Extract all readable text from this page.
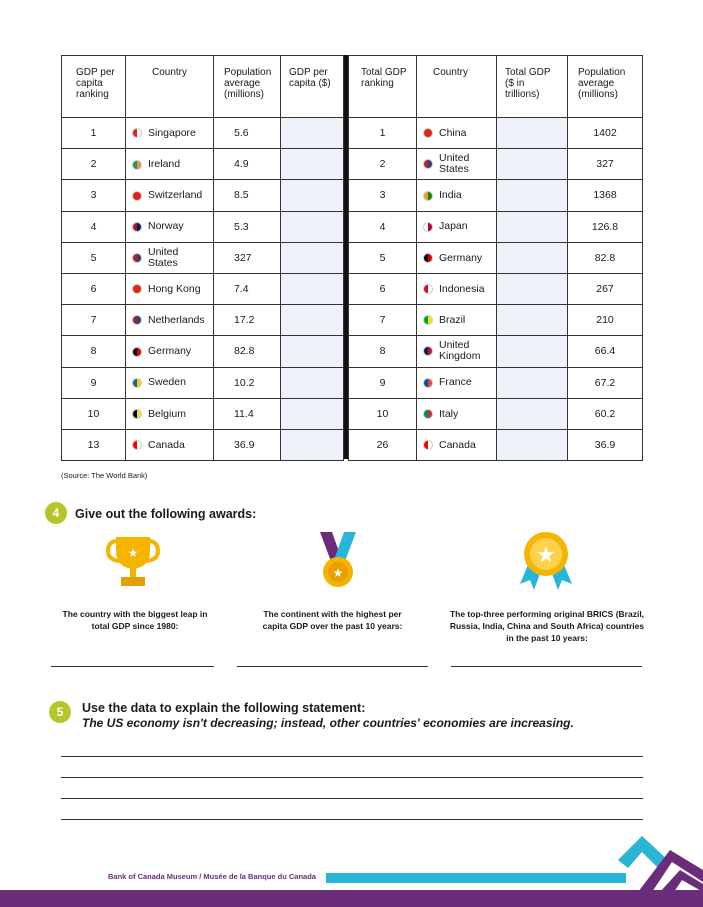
GDP per capita ranking	Country	Population average (millions)	GDP per capita ($)
1	Singapore	5.6	
2	Ireland	4.9	
3	Switzerland	8.5	
4	Norway	5.3	
5	United States	327	
6	Hong Kong	7.4	
7	Netherlands	17.2	
8	Germany	82.8	
9	Sweden	10.2	
10	Belgium	11.4	
13	Canada	36.9	
Total GDP ranking	Country	Total GDP ($ in trillions)	Population average (millions)
1	China		1402
2	United States		327
3	India		1368
4	Japan		126.8
5	Germany		82.8
6	Indonesia		267
7	Brazil		210
8	United Kingdom		66.4
9	France		67.2
10	Italy		60.2
26	Canada		36.9
(Source: The World Bank)
4	Give out the following awards:
★
★
★
The country with the biggest leap in total GDP since 1980:
The continent with the highest per capita GDP over the past 10 years:
The top-three performing original BRICS (Brazil, Russia, India, China and South Africa) countries in the past 10 years:
5	Use the data to explain the following statement:
The US economy isn't decreasing; instead, other countries' economies are increasing.
Bank of Canada Museum / Musée de la Banque du Canada
